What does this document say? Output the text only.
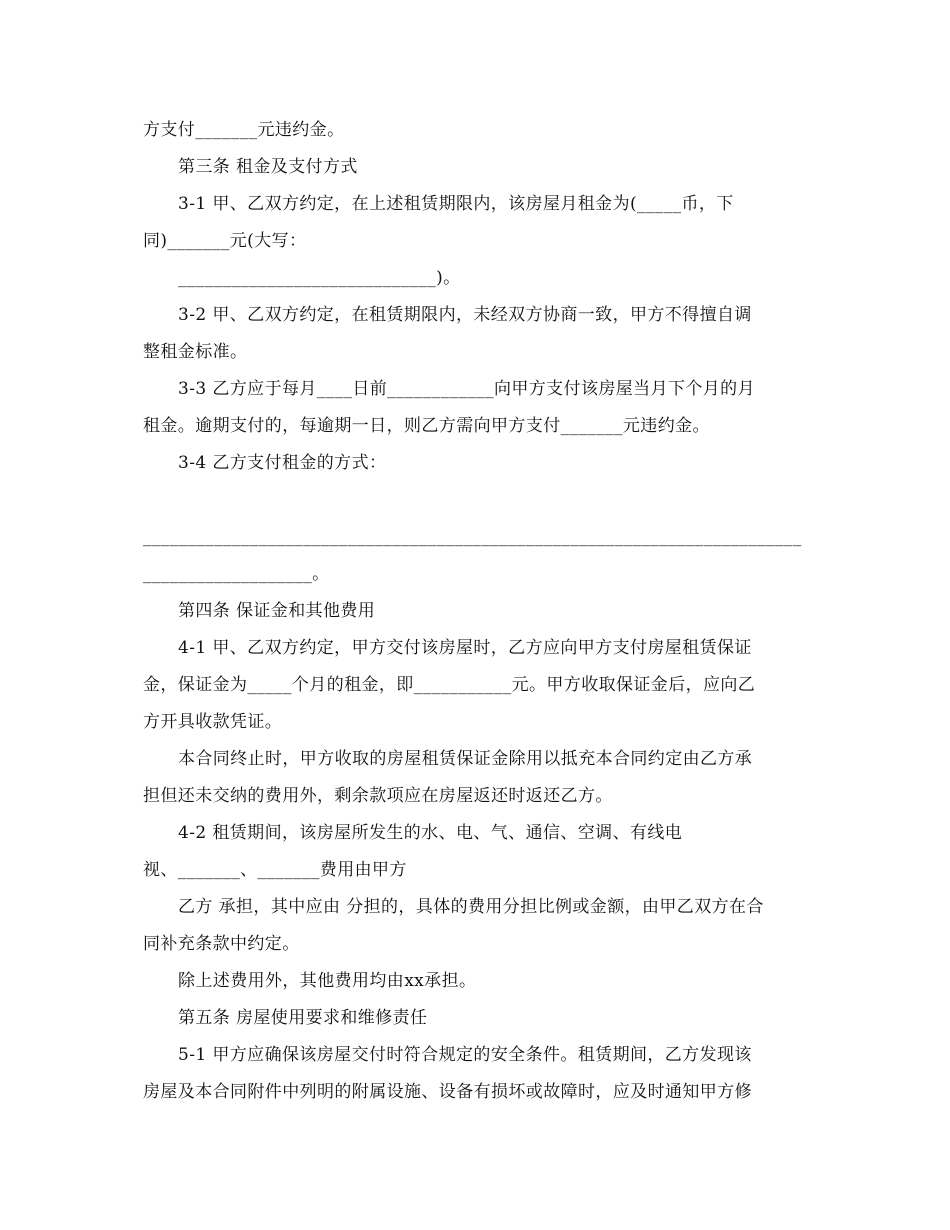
方支付_______元违约金。

第三条 租金及支付方式

3-1 甲、乙双方约定，在上述租赁期限内，该房屋月租金为(_____币，下

同)_______元(大写：

_____________________________)。

3-2 甲、乙双方约定，在租赁期限内，未经双方协商一致，甲方不得擅自调

整租金标准。

3-3 乙方应于每月____日前____________向甲方支付该房屋当月下个月的月

租金。逾期支付的，每逾期一日，则乙方需向甲方支付_______元违约金。

3-4 乙方支付租金的方式：

__________________________________________________________________________

___________________。

第四条 保证金和其他费用

4-1 甲、乙双方约定，甲方交付该房屋时，乙方应向甲方支付房屋租赁保证

金，保证金为_____个月的租金，即___________元。甲方收取保证金后，应向乙

方开具收款凭证。

本合同终止时，甲方收取的房屋租赁保证金除用以抵充本合同约定由乙方承

担但还未交纳的费用外，剩余款项应在房屋返还时返还乙方。

4-2 租赁期间，该房屋所发生的水、电、气、通信、空调、有线电

视、_______、_______费用由甲方

乙方 承担，其中应由 分担的，具体的费用分担比例或金额，由甲乙双方在合

同补充条款中约定。

除上述费用外，其他费用均由xx承担。

第五条 房屋使用要求和维修责任

5-1 甲方应确保该房屋交付时符合规定的安全条件。租赁期间，乙方发现该

房屋及本合同附件中列明的附属设施、设备有损坏或故障时，应及时通知甲方修
